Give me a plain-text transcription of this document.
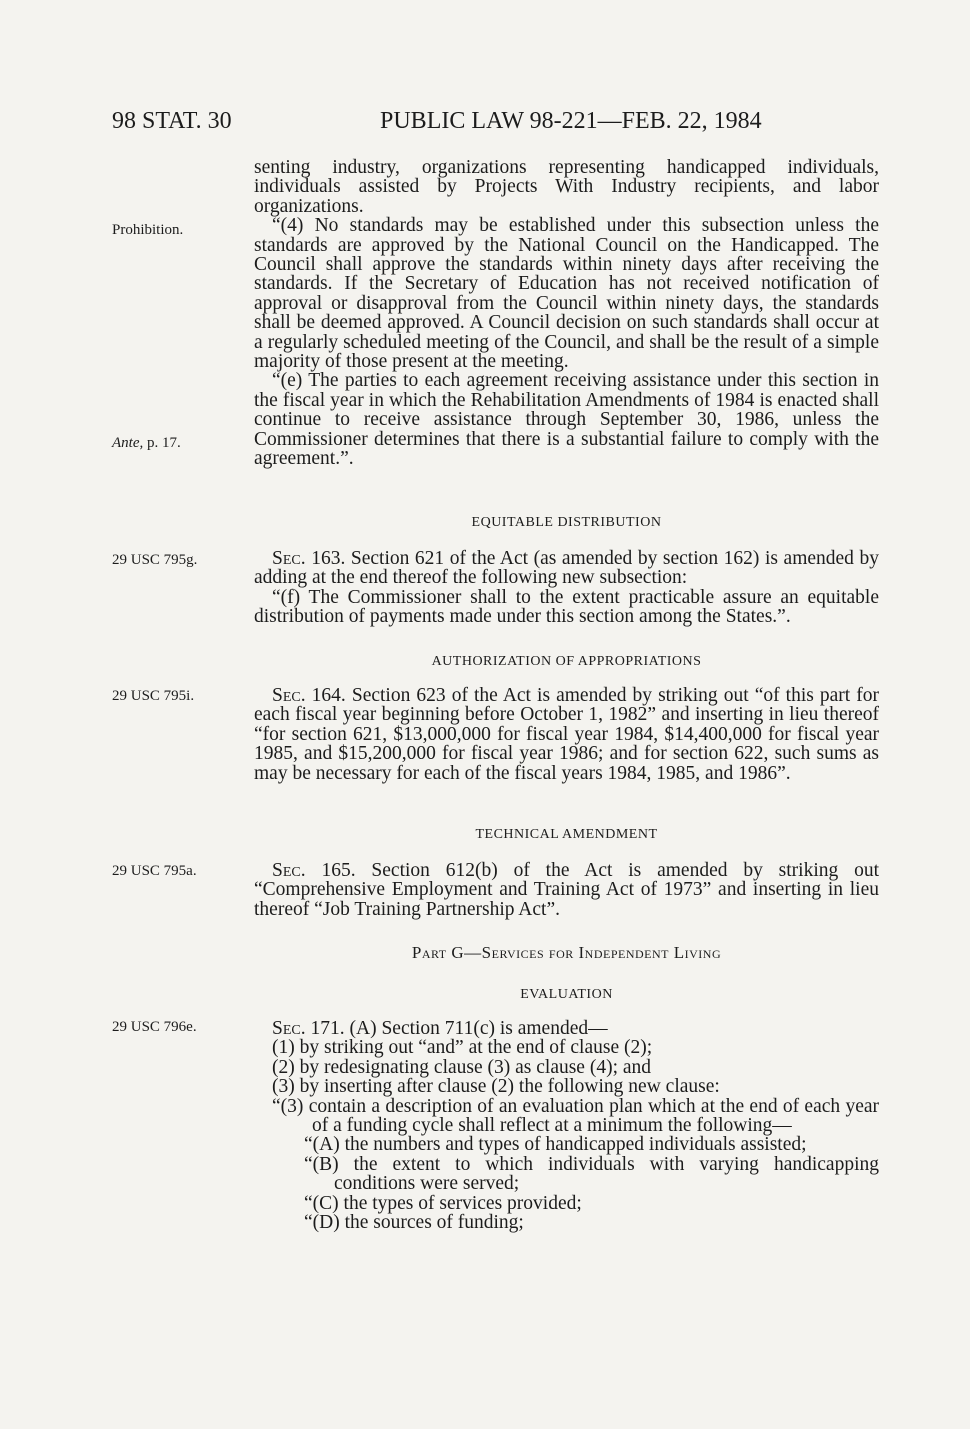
98 STAT. 30	PUBLIC LAW 98-221—FEB. 22, 1984
Prohibition.
Ante, p. 17.
29 USC 795g.
29 USC 795i.
29 USC 795a.
29 USC 796e.

senting industry, organizations representing handicapped individuals, individuals assisted by Projects With Industry recipients, and labor organizations.

“(4) No standards may be established under this subsection unless the standards are approved by the National Council on the Handicapped. The Council shall approve the standards within ninety days after receiving the standards. If the Secretary of Education has not received notification of approval or disapproval from the Council within ninety days, the standards shall be deemed approved. A Council decision on such standards shall occur at a regularly scheduled meeting of the Council, and shall be the result of a simple majority of those present at the meeting.

“(e) The parties to each agreement receiving assistance under this section in the fiscal year in which the Rehabilitation Amendments of 1984 is enacted shall continue to receive assistance through September 30, 1986, unless the Commissioner determines that there is a substantial failure to comply with the agreement.”.

EQUITABLE DISTRIBUTION

Sec. 163. Section 621 of the Act (as amended by section 162) is amended by adding at the end thereof the following new subsection:

“(f) The Commissioner shall to the extent practicable assure an equitable distribution of payments made under this section among the States.”.

AUTHORIZATION OF APPROPRIATIONS

Sec. 164. Section 623 of the Act is amended by striking out “of this part for each fiscal year beginning before October 1, 1982” and inserting in lieu thereof “for section 621, $13,000,000 for fiscal year 1984, $14,400,000 for fiscal year 1985, and $15,200,000 for fiscal year 1986; and for section 622, such sums as may be necessary for each of the fiscal years 1984, 1985, and 1986”.

TECHNICAL AMENDMENT

Sec. 165. Section 612(b) of the Act is amended by striking out “Comprehensive Employment and Training Act of 1973” and inserting in lieu thereof “Job Training Partnership Act”.

Part G—Services for Independent Living
EVALUATION

Sec. 171. (A) Section 711(c) is amended—

(1) by striking out “and” at the end of clause (2);

(2) by redesignating clause (3) as clause (4); and

(3) by inserting after clause (2) the following new clause:

“(3) contain a description of an evaluation plan which at the end of each year of a funding cycle shall reflect at a minimum the following—

“(A) the numbers and types of handicapped individuals assisted;

“(B) the extent to which individuals with varying handicapping conditions were served;

“(C) the types of services provided;

“(D) the sources of funding;
